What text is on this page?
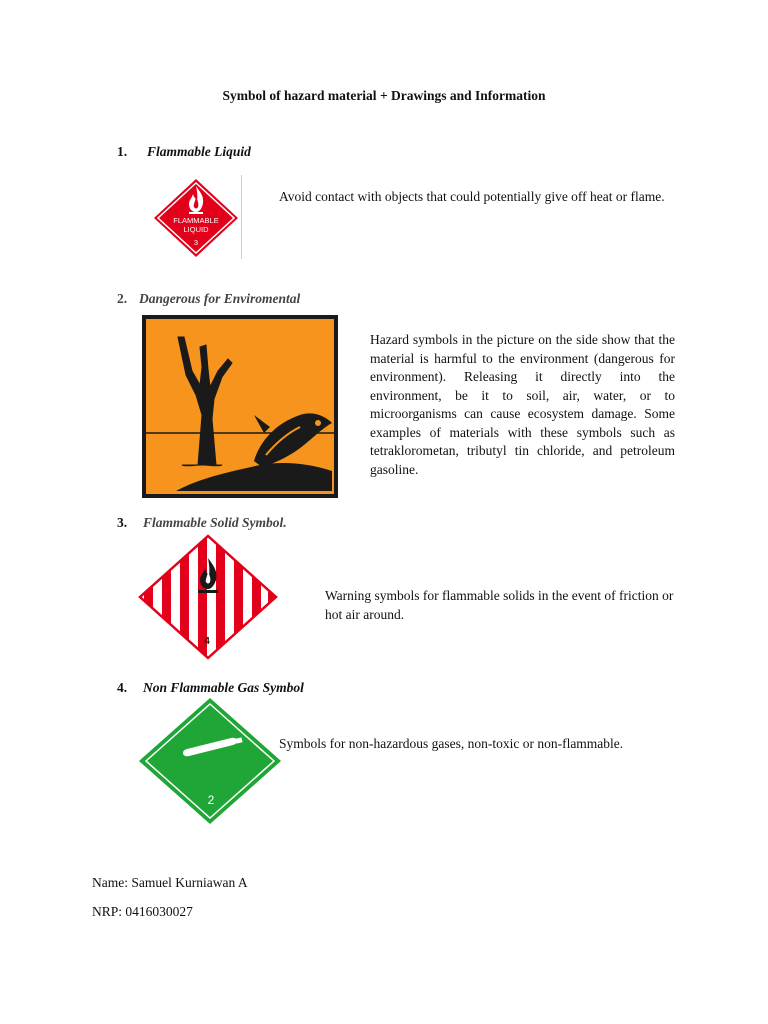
Symbol of hazard material + Drawings and Information
1. Flammable Liquid
FLAMMABLE
LIQUID
3
Avoid contact with objects that could potentially give off heat or flame.
2. Dangerous for Enviromental
Hazard symbols in the picture on the side show that the material is harmful to the environment (dangerous for environment). Releasing it directly into the environment, be it to soil, air, water, or to microorganisms can cause ecosystem damage. Some examples of materials with these symbols such as tetraklorometan, tributyl tin chloride, and petroleum gasoline.
3. Flammable Solid Symbol.
4
Warning symbols for flammable solids in the event of friction or hot air around.
4. Non Flammable Gas Symbol
2
Symbols for non-hazardous gases, non-toxic or non-flammable.
Name: Samuel Kurniawan A
NRP: 0416030027
